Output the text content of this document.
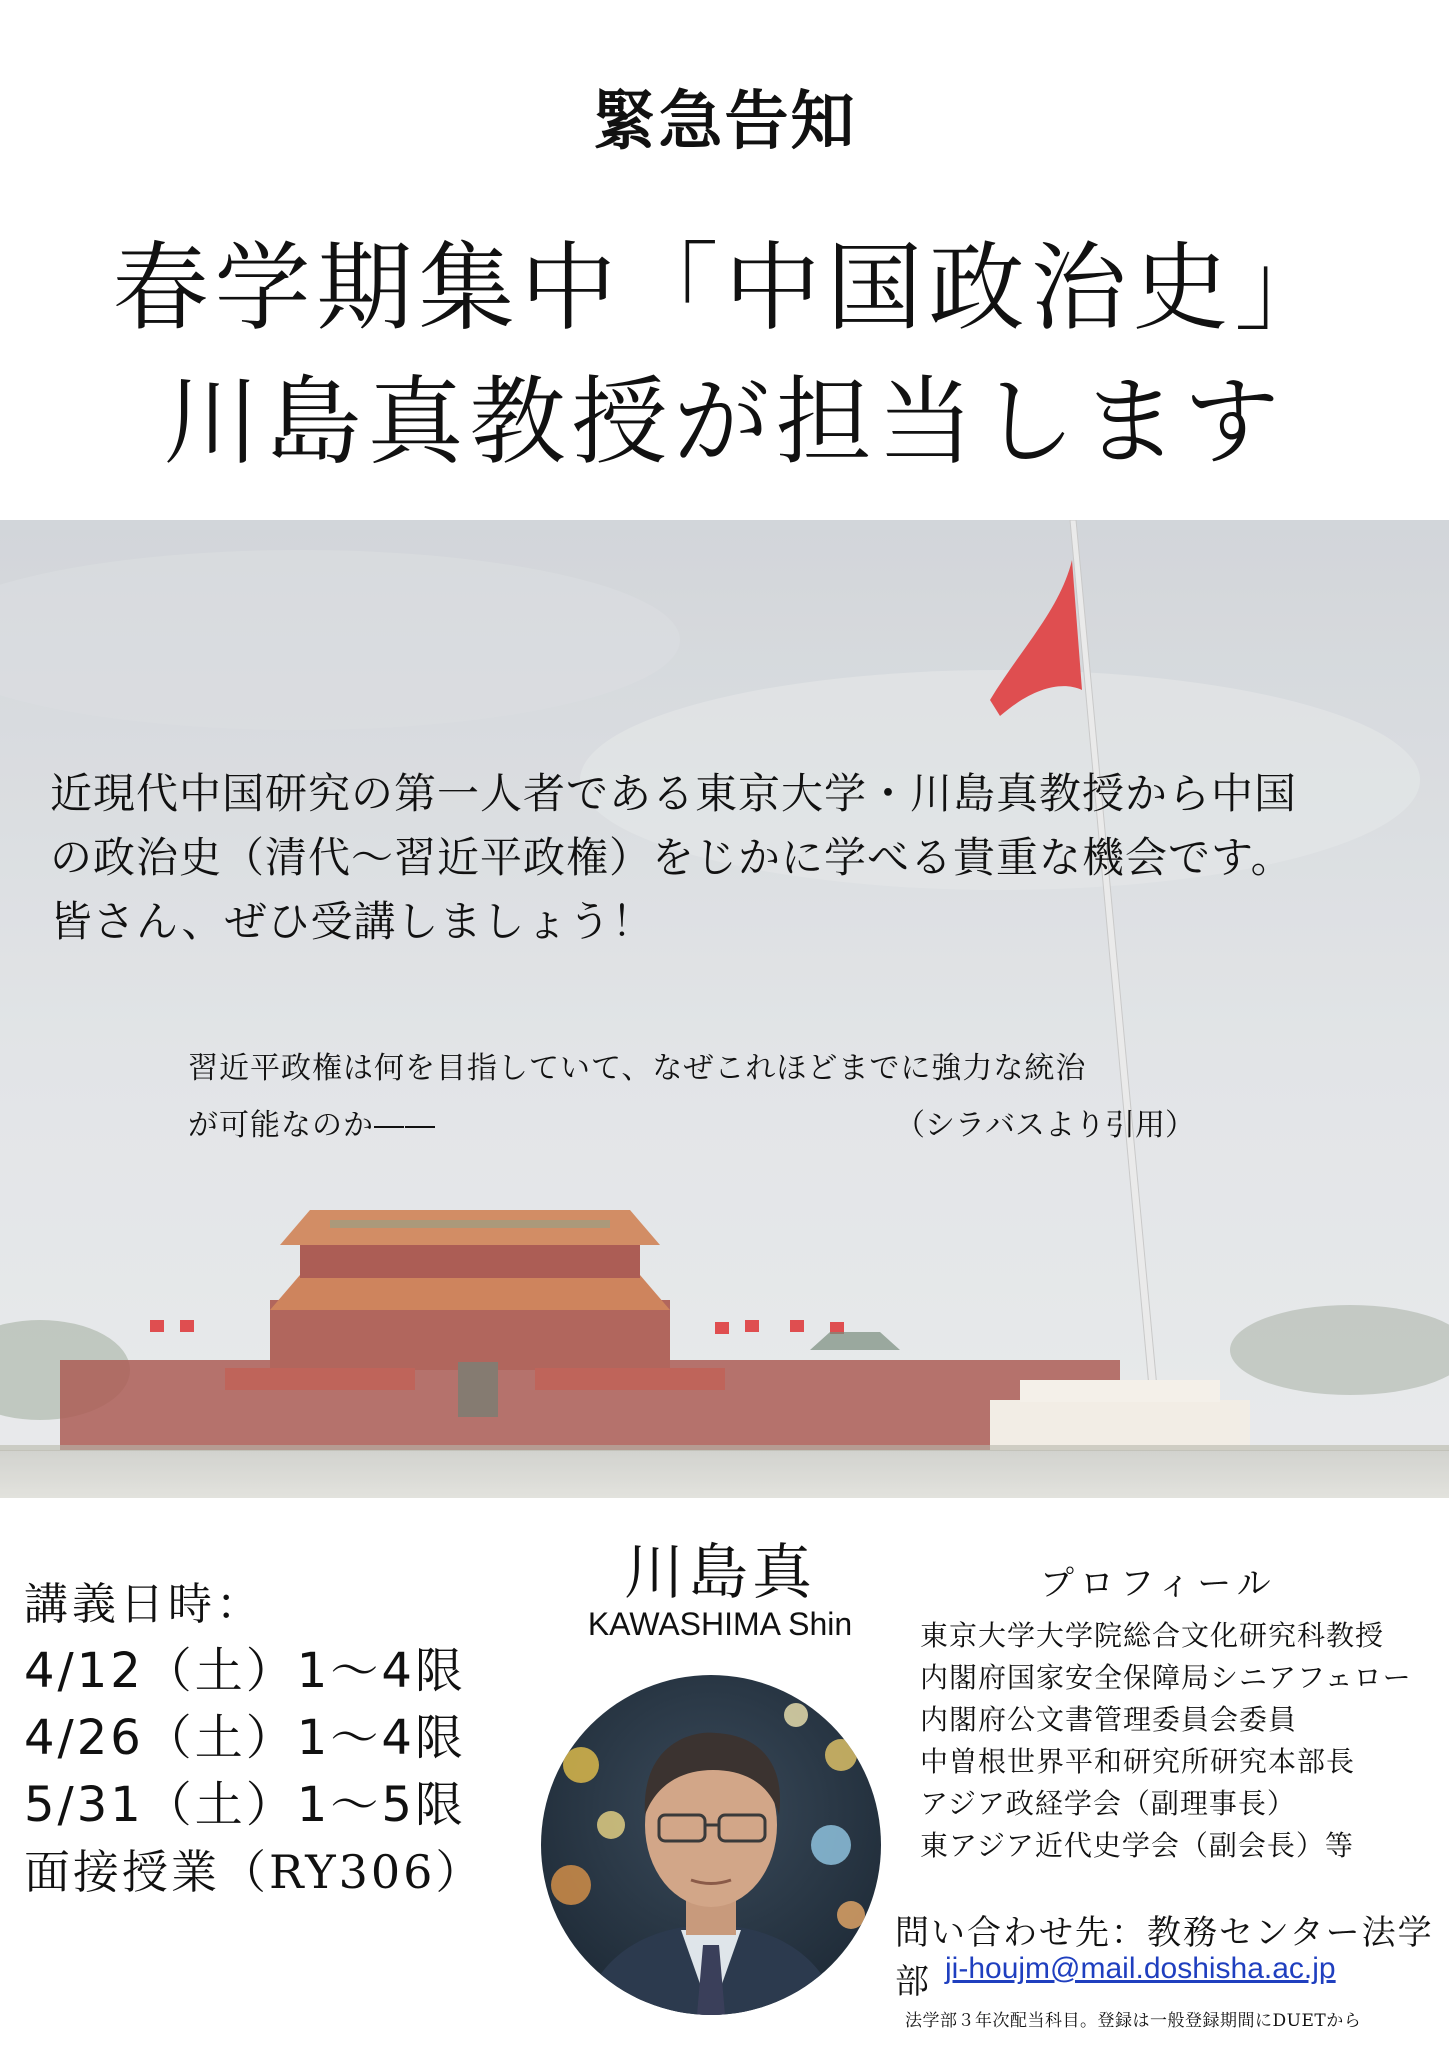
緊急告知
春学期集中「中国政治史」
川島真教授が担当します
近現代中国研究の第一人者である東京大学・川島真教授から中国
の政治史（清代〜習近平政権）をじかに学べる貴重な機会です。
皆さん、ぜひ受講しましょう！
習近平政権は何を目指していて、なぜこれほどまでに強力な統治
が可能なのか――	（シラバスより引用）
講義日時：
4/12（土）1〜4限
4/26（土）1〜4限
5/31（土）1〜5限
面接授業（RY306）
川島真
KAWASHIMA Shin
プロフィール
東京大学大学院総合文化研究科教授
内閣府国家安全保障局シニアフェロー
内閣府公文書管理委員会委員
中曽根世界平和研究所研究本部長
アジア政経学会（副理事長）
東アジア近代史学会（副会長）等
問い合わせ先：教務センター法学部 ji-houjm@mail.doshisha.ac.jp
法学部３年次配当科目。登録は一般登録期間にDUETから
